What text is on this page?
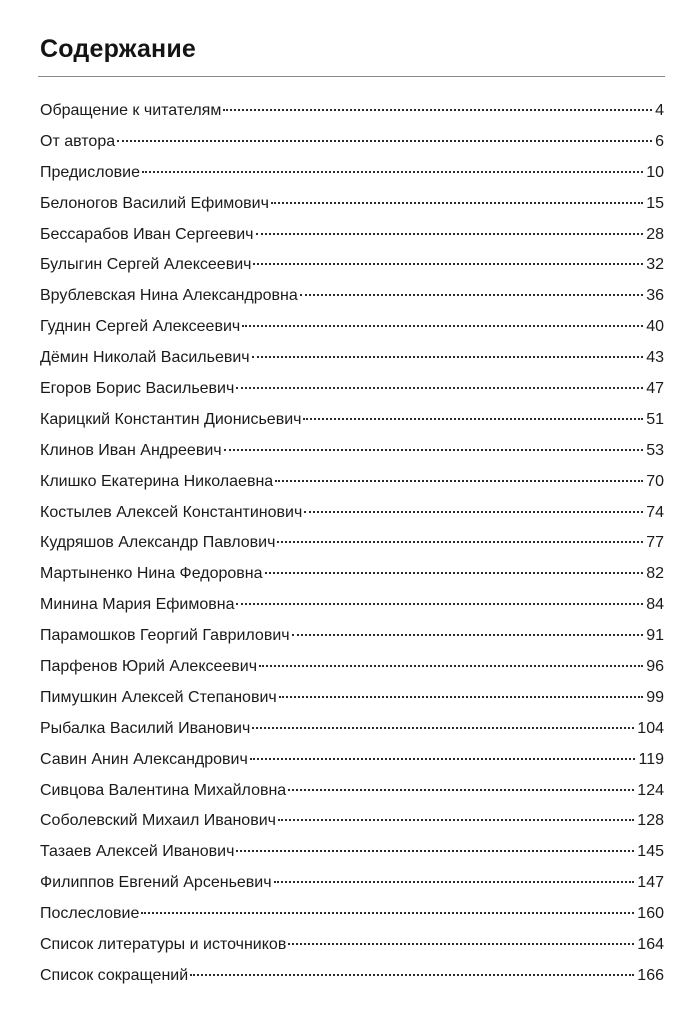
Содержание
Обращение к читателям	4
От автора	6
Предисловие	10
Белоногов Василий Ефимович	15
Бессарабов Иван Сергеевич	28
Булыгин Сергей Алексеевич	32
Врублевская Нина Александровна	36
Гуднин Сергей Алексеевич	40
Дёмин Николай Васильевич	43
Егоров Борис Васильевич	47
Карицкий Константин Дионисьевич	51
Клинов Иван Андреевич	53
Клишко Екатерина Николаевна	70
Костылев Алексей Константинович	74
Кудряшов Александр Павлович	77
Мартыненко Нина Федоровна	82
Минина Мария Ефимовна	84
Парамошков Георгий Гаврилович	91
Парфенов Юрий Алексеевич	96
Пимушкин Алексей Степанович	99
Рыбалка Василий Иванович	104
Савин Анин Александрович	119
Сивцова Валентина Михайловна	124
Соболевский Михаил Иванович	128
Тазаев Алексей Иванович	145
Филиппов Евгений Арсеньевич	147
Послесловие	160
Список литературы и источников	164
Список сокращений	166
